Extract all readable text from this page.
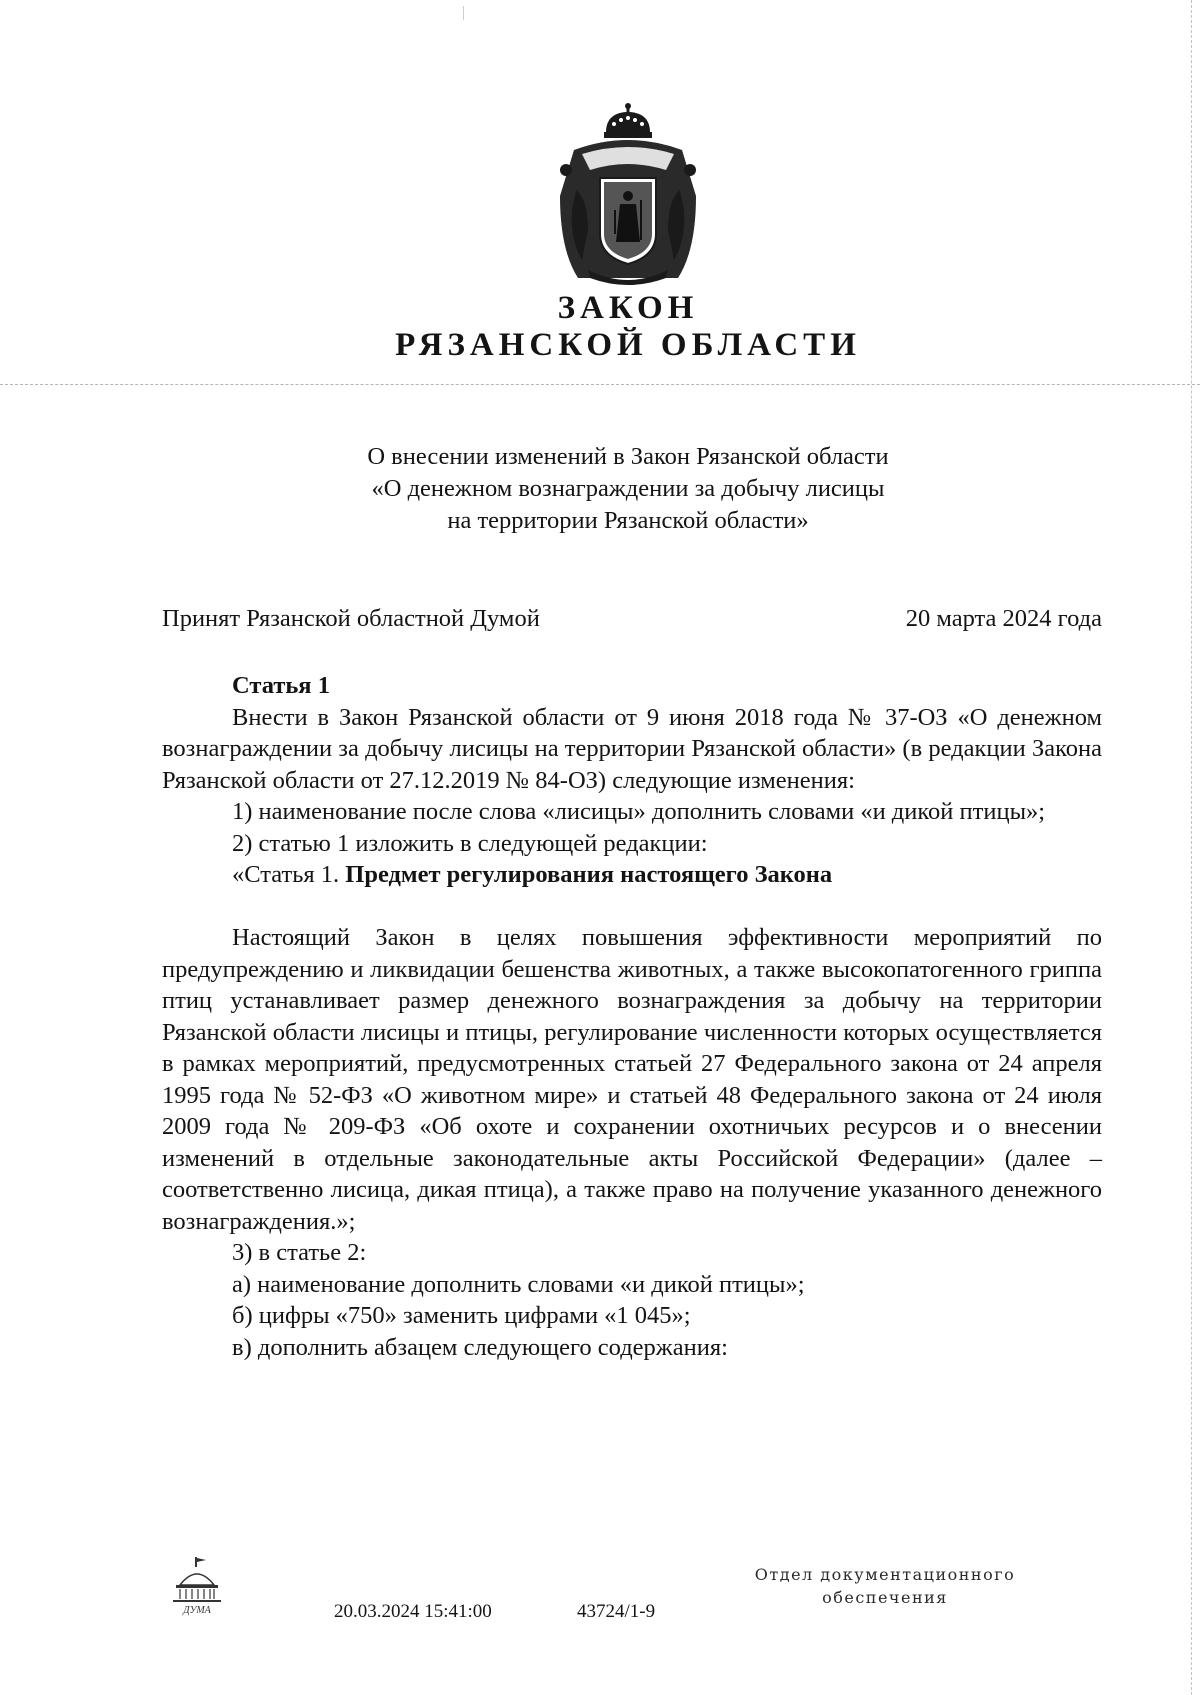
ЗАКОН
РЯЗАНСКОЙ ОБЛАСТИ
О внесении изменений в Закон Рязанской области
«О денежном вознаграждении за добычу лисицы
на территории Рязанской области»
Принят Рязанской областной Думой	20 марта 2024 года

Статья 1

Внести в Закон Рязанской области от 9 июня 2018 года № 37-ОЗ «О денежном вознаграждении за добычу лисицы на территории Рязанской области» (в редакции Закона Рязанской области от 27.12.2019 № 84-ОЗ) следующие изменения:

1) наименование после слова «лисицы» дополнить словами «и дикой птицы»;

2) статью 1 изложить в следующей редакции:

«Статья 1. Предмет регулирования настоящего Закона

Настоящий Закон в целях повышения эффективности мероприятий по предупреждению и ликвидации бешенства животных, а также высокопатогенного гриппа птиц устанавливает размер денежного вознаграждения за добычу на территории Рязанской области лисицы и птицы, регулирование численности которых осуществляется в рамках мероприятий, предусмотренных статьей 27 Федерального закона от 24 апреля 1995 года № 52-ФЗ «О животном мире» и статьей 48 Федерального закона от 24 июля 2009 года № 209-ФЗ «Об охоте и сохранении охотничьих ресурсов и о внесении изменений в отдельные законодательные акты Российской Федерации» (далее – соответственно лисица, дикая птица), а также право на получение указанного денежного вознаграждения.»;

3) в статье 2:

а) наименование дополнить словами «и дикой птицы»;

б) цифры «750» заменить цифрами «1 045»;

в) дополнить абзацем следующего содержания:

ДУМА	20.03.2024 15:41:00	43724/1-9
Отдел документационного
обеспечения
